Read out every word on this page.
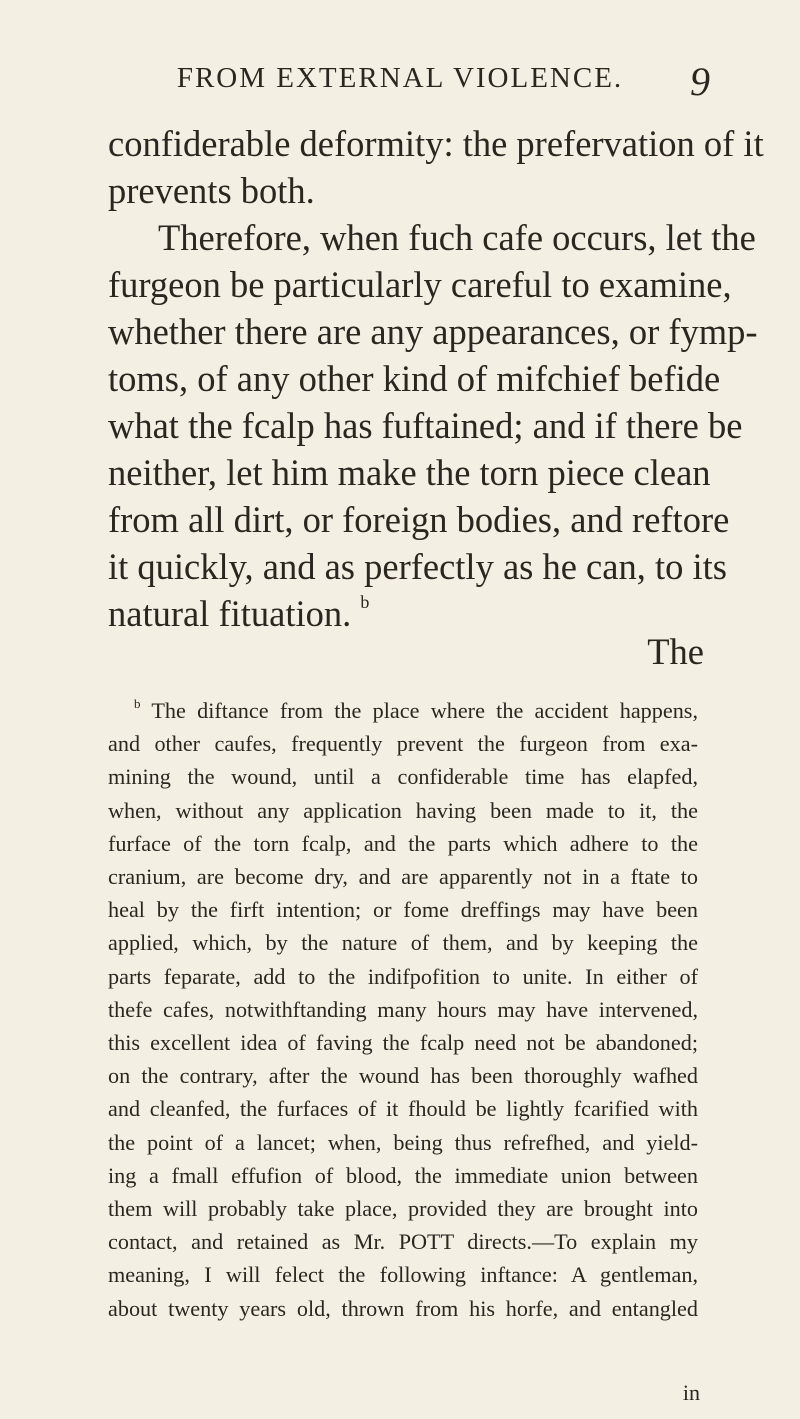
FROM EXTERNAL VIOLENCE.	9
confiderable deformity: the prefervation of it
prevents both.
Therefore, when fuch cafe occurs, let the
furgeon be particularly careful to examine,
whether there are any appearances, or fymp-
toms, of any other kind of mifchief befide
what the fcalp has fuftained; and if there be
neither, let him make the torn piece clean
from all dirt, or foreign bodies, and reftore
it quickly, and as perfectly as he can, to its
natural fituation. $^b$
The
$^b$ The diftance from the place where the accident happens,
and other caufes, frequently prevent the furgeon from exa-
mining the wound, until a confiderable time has elapfed,
when, without any application having been made to it, the
furface of the torn fcalp, and the parts which adhere to the
cranium, are become dry, and are apparently not in a ftate to
heal by the firft intention; or fome dreffings may have been
applied, which, by the nature of them, and by keeping the
parts feparate, add to the indifpofition to unite. In either of
thefe cafes, notwithftanding many hours may have intervened,
this excellent idea of faving the fcalp need not be abandoned;
on the contrary, after the wound has been thoroughly wafhed
and cleanfed, the furfaces of it fhould be lightly fcarified with
the point of a lancet; when, being thus refrefhed, and yield-
ing a fmall effufion of blood, the immediate union between
them will probably take place, provided they are brought into
contact, and retained as Mr. POTT directs.—To explain my
meaning, I will felect the following inftance: A gentleman,
about twenty years old, thrown from his horfe, and entangled
in
